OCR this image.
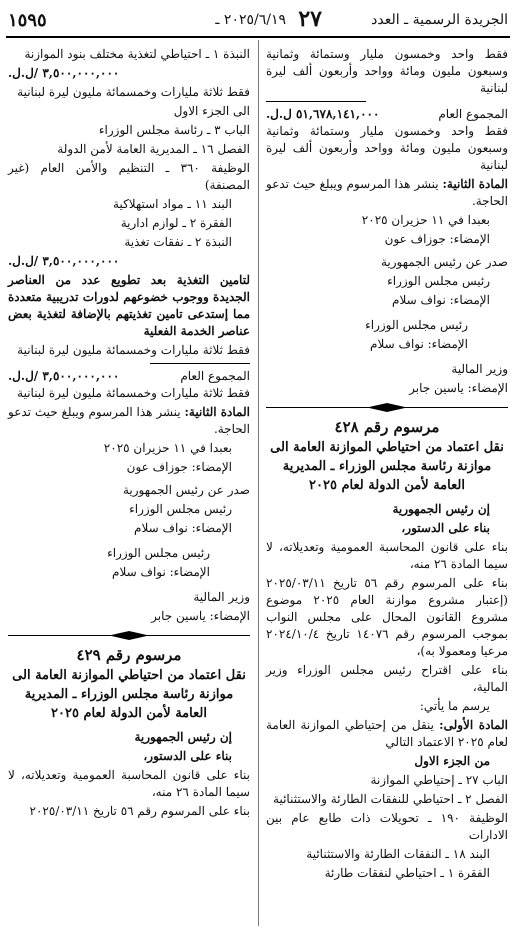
الجريدة الرسمية ـ العدد
٢٧
٢٠٢٥/٦/١٩ ـ
١٥٩٥

فقط واحد وخمسون مليار وستمائة وثمانية وسبعون مليون ومائة وواحد وأربعون ألف ليرة لبنانية

المجموع العام
٥١,٦٧٨,١٤١,٠٠٠ ل.ل.

فقط واحد وخمسون مليار وستمائة وثمانية وسبعون مليون ومائة وواحد وأربعون ألف ليرة لبنانية

المادة الثانية: ينشر هذا المرسوم ويبلغ حيث تدعو الحاجة.

بعبدا في ١١ حزيران ٢٠٢٥

الإمضاء: جوزاف عون

صدر عن رئيس الجمهورية

رئيس مجلس الوزراء

الإمضاء: نواف سلام

رئيس مجلس الوزراء

الإمضاء: نواف سلام

وزير المالية

الإمضاء: ياسين جابر

مرسوم رقم ٤٢٨
نقل اعتماد من احتياطي الموازنة العامة الى موازنة رئاسة مجلس الوزراء ـ المديرية العامة لأمن الدولة لعام ٢٠٢٥

إن رئيس الجمهورية

بناء على الدستور،

بناء على قانون المحاسبة العمومية وتعديلاته، لا سيما المادة ٢٦ منه،

بناء على المرسوم رقم ٥٦ تاريخ ٢٠٢٥/٠٣/١١ (إعتبار مشروع موازنة العام ٢٠٢٥ موضوع مشروع القانون المحال على مجلس النواب بموجب المرسوم رقم ١٤٠٧٦ تاريخ ٢٠٢٤/١٠/٤ مرعيا ومعمولا به)،

بناء على اقتراح رئيس مجلس الوزراء وزير المالية،

يرسم ما يأتي:

المادة الأولى: ينقل من إحتياطي الموازنة العامة لعام ٢٠٢٥ الاعتماد التالي

من الجزء الاول

الباب ٢٧ ـ إحتياطي الموازنة

الفصل ٢ ـ احتياطي للنفقات الطارئة والاستثنائية

الوظيفة ١٩٠ ـ تحويلات ذات طابع عام بين الادارات

البند ١٨ ـ النفقات الطارئة والاستثنائية

الفقرة ١ ـ احتياطي لنفقات طارئة

النبذة ١ ـ احتياطي لتغذية مختلف بنود الموازنة

٣,٥٠٠,٠٠٠,٠٠٠ /ل.ل.

فقط ثلاثة مليارات وخمسمائة مليون ليرة لبنانية

الى الجزء الاول

الباب ٣ ـ رئاسة مجلس الوزراء

الفصل ١٦ ـ المديرية العامة لأمن الدولة

الوظيفة ٣٦٠ ـ التنظيم والأمن العام (غير المصنفة)

البند ١١ ـ مواد استهلاكية

الفقرة ٢ ـ لوازم ادارية

النبذة ٢ ـ نفقات تغذية

٣,٥٠٠,٠٠٠,٠٠٠ /ل.ل.

لتامين التغذية بعد تطويع عدد من العناصر الجديدة ووجوب خضوعهم لدورات تدريبية متعددة مما إستدعى تامين تغذيتهم بالإضافة لتغذية بعض عناصر الخدمة الفعلية

فقط ثلاثة مليارات وخمسمائة مليون ليرة لبنانية

المجموع العام
٣,٥٠٠,٠٠٠,٠٠٠ /ل.ل.

فقط ثلاثة مليارات وخمسمائة مليون ليرة لبنانية

المادة الثانية: ينشر هذا المرسوم ويبلغ حيث تدعو الحاجة.

بعبدا في ١١ حزيران ٢٠٢٥

الإمضاء: جوزاف عون

صدر عن رئيس الجمهورية

رئيس مجلس الوزراء

الإمضاء: نواف سلام

رئيس مجلس الوزراء

الإمضاء: نواف سلام

وزير المالية

الإمضاء: ياسين جابر

مرسوم رقم ٤٢٩
نقل اعتماد من احتياطي الموازنة العامة الى موازنة رئاسة مجلس الوزراء ـ المديرية العامة لأمن الدولة لعام ٢٠٢٥

إن رئيس الجمهورية

بناء على الدستور،

بناء على قانون المحاسبة العمومية وتعديلاته، لا سيما المادة ٢٦ منه،

بناء على المرسوم رقم ٥٦ تاريخ ٢٠٢٥/٠٣/١١
